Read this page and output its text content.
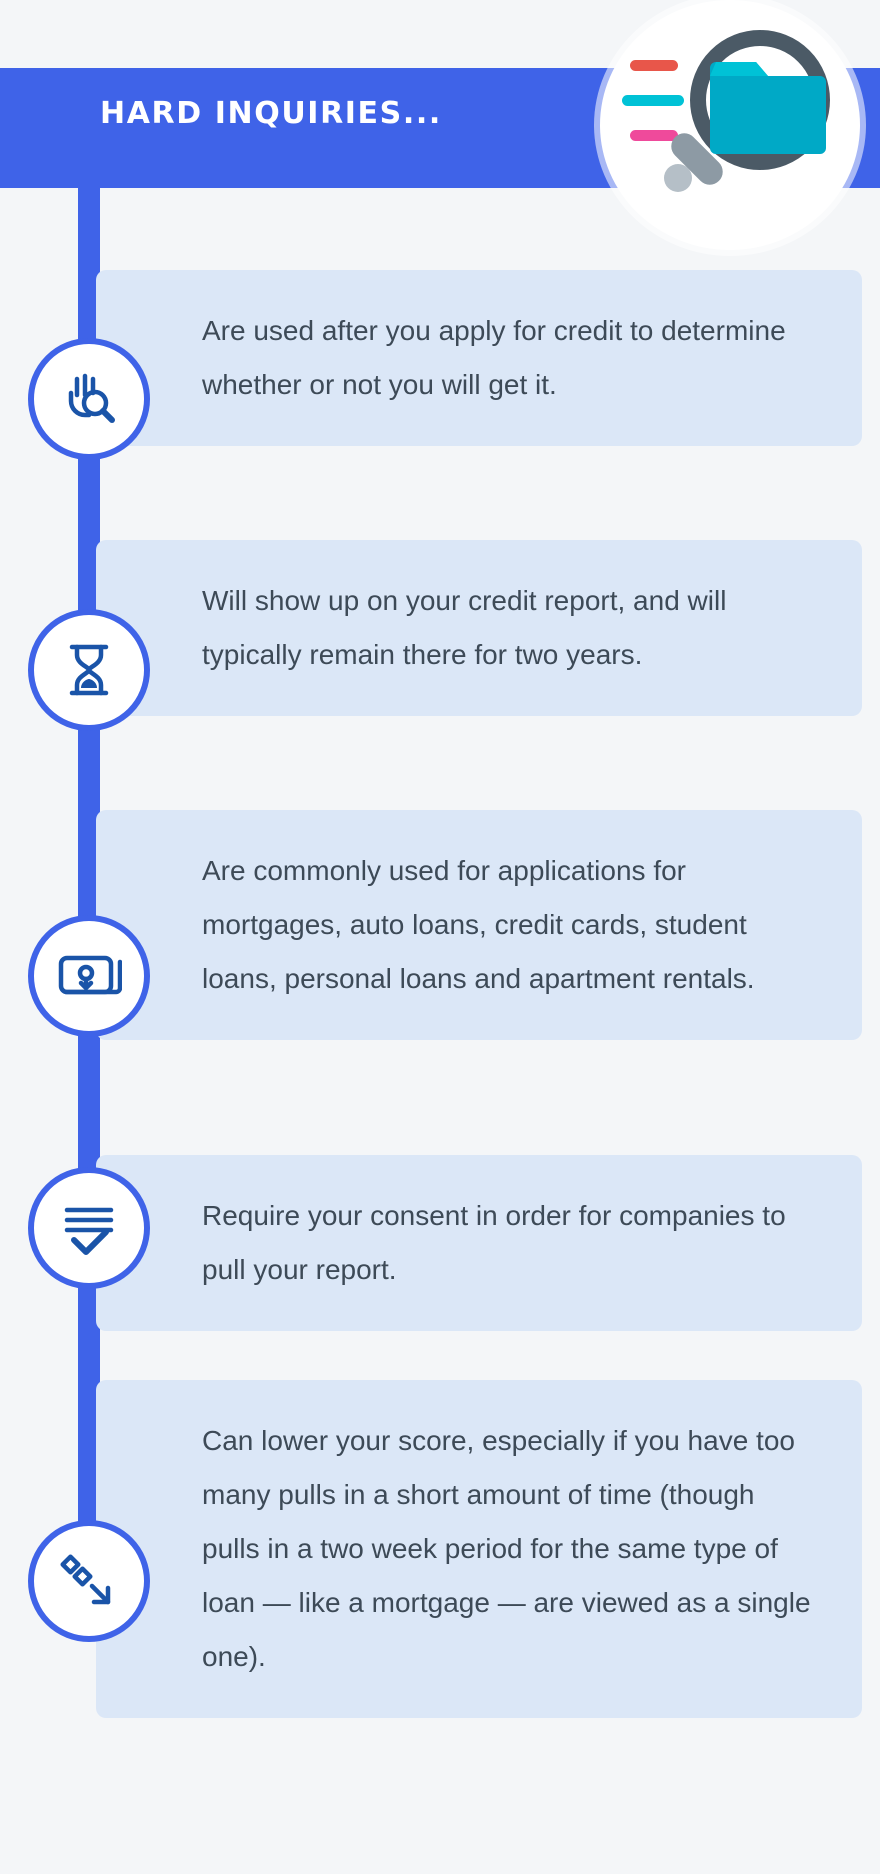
HARD INQUIRIES...

Are used after you apply for credit to determine whether or not you will get it.

Will show up on your credit report, and will typically remain there for two years.

Are commonly used for applications for mortgages, auto loans, credit cards, student loans, personal loans and apartment rentals.

Require your consent in order for companies to pull your report.

Can lower your score, especially if you have too many pulls in a short amount of time (though pulls in a two week period for the same type of loan — like a mortgage — are viewed as a single one).
